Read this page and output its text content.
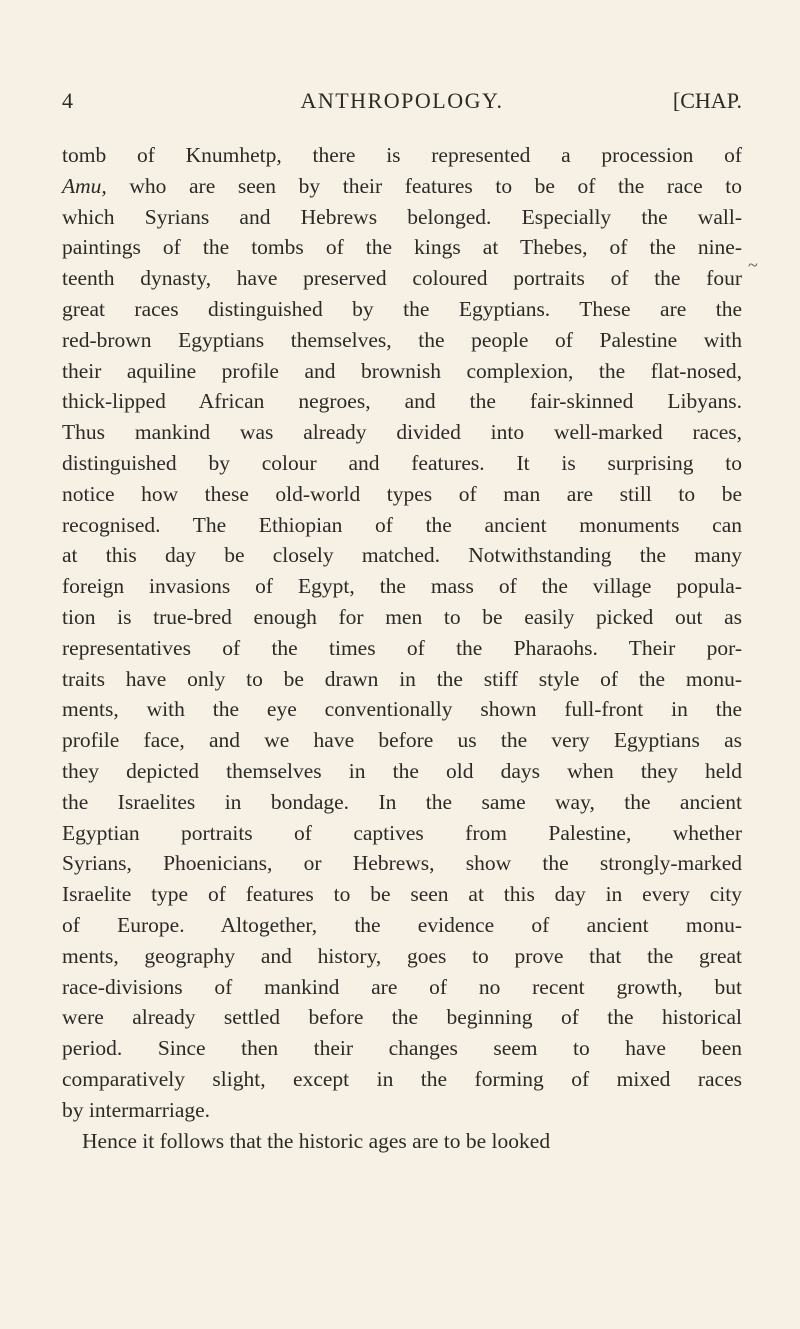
4	ANTHROPOLOGY.	[CHAP.
tomb of Knumhetp, there is represented a procession of
Amu, who are seen by their features to be of the race to
which Syrians and Hebrews belonged. Especially the wall-
paintings of the tombs of the kings at Thebes, of the nine-
teenth dynasty, have preserved coloured portraits of the four
great races distinguished by the Egyptians. These are the
red-brown Egyptians themselves, the people of Palestine with
their aquiline profile and brownish complexion, the flat-nosed,
thick-lipped African negroes, and the fair-skinned Libyans.
Thus mankind was already divided into well-marked races,
distinguished by colour and features. It is surprising to
notice how these old-world types of man are still to be
recognised. The Ethiopian of the ancient monuments can
at this day be closely matched. Notwithstanding the many
foreign invasions of Egypt, the mass of the village popula-
tion is true-bred enough for men to be easily picked out as
representatives of the times of the Pharaohs. Their por-
traits have only to be drawn in the stiff style of the monu-
ments, with the eye conventionally shown full-front in the
profile face, and we have before us the very Egyptians as
they depicted themselves in the old days when they held
the Israelites in bondage. In the same way, the ancient
Egyptian portraits of captives from Palestine, whether
Syrians, Phoenicians, or Hebrews, show the strongly-marked
Israelite type of features to be seen at this day in every city
of Europe. Altogether, the evidence of ancient monu-
ments, geography and history, goes to prove that the great
race-divisions of mankind are of no recent growth, but
were already settled before the beginning of the historical
period. Since then their changes seem to have been
comparatively slight, except in the forming of mixed races
by intermarriage.
Hence it follows that the historic ages are to be looked
~
